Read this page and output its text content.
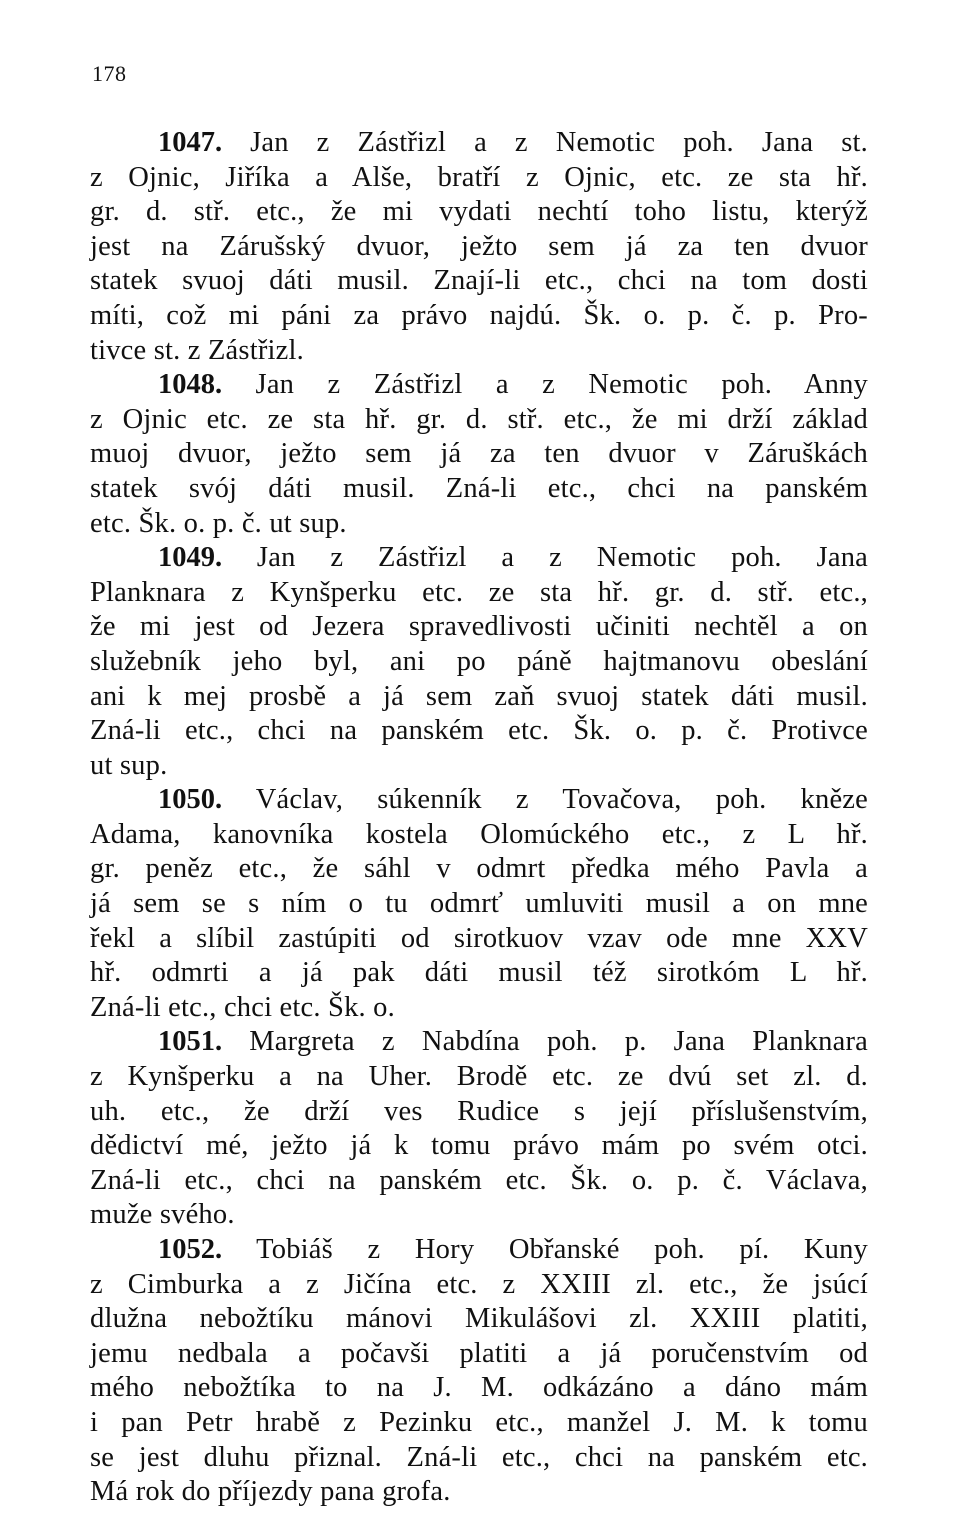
178
1047. Jan z Zástřizl a z Nemotic poh. Jana st.
z Ojnic, Jiříka a Alše, bratří z Ojnic, etc. ze sta hř.
gr. d. stř. etc., že mi vydati nechtí toho listu, kterýž
jest na Zárušský dvuor, ježto sem já za ten dvuor
statek svuoj dáti musil. Znají-li etc., chci na tom dosti
míti, což mi páni za právo najdú. Šk. o. p. č. p. Pro-
tivce st. z Zástřizl.
1048. Jan z Zástřizl a z Nemotic poh. Anny
z Ojnic etc. ze sta hř. gr. d. stř. etc., že mi drží základ
muoj dvuor, ježto sem já za ten dvuor v Záruškách
statek svój dáti musil. Zná-li etc., chci na panském
etc. Šk. o. p. č. ut sup.
1049. Jan z Zástřizl a z Nemotic poh. Jana
Planknara z Kynšperku etc. ze sta hř. gr. d. stř. etc.,
že mi jest od Jezera spravedlivosti učiniti nechtěl a on
služebník jeho byl, ani po páně hajtmanovu obeslání
ani k mej prosbě a já sem zaň svuoj statek dáti musil.
Zná-li etc., chci na panském etc. Šk. o. p. č. Protivce
ut sup.
1050. Václav, súkenník z Tovačova, poh. kněze
Adama, kanovníka kostela Olomúckého etc., z L hř.
gr. peněz etc., že sáhl v odmrt předka mého Pavla a
já sem se s ním o tu odmrť umluviti musil a on mne
řekl a slíbil zastúpiti od sirotkuov vzav ode mne XXV
hř. odmrti a já pak dáti musil též sirotkóm L hř.
Zná-li etc., chci etc. Šk. o.
1051. Margreta z Nabdína poh. p. Jana Planknara
z Kynšperku a na Uher. Brodě etc. ze dvú set zl. d.
uh. etc., že drží ves Rudice s její příslušenstvím,
dědictví mé, ježto já k tomu právo mám po svém otci.
Zná-li etc., chci na panském etc. Šk. o. p. č. Václava,
muže svého.
1052. Tobiáš z Hory Obřanské poh. pí. Kuny
z Cimburka a z Jičína etc. z XXIII zl. etc., že jsúcí
dlužna nebožtíku mánovi Mikulášovi zl. XXIII platiti,
jemu nedbala a počavši platiti a já poručenstvím od
mého nebožtíka to na J. M. odkázáno a dáno mám
i pan Petr hrabě z Pezinku etc., manžel J. M. k tomu
se jest dluhu přiznal. Zná-li etc., chci na panském etc.
Má rok do příjezdy pana grofa.
